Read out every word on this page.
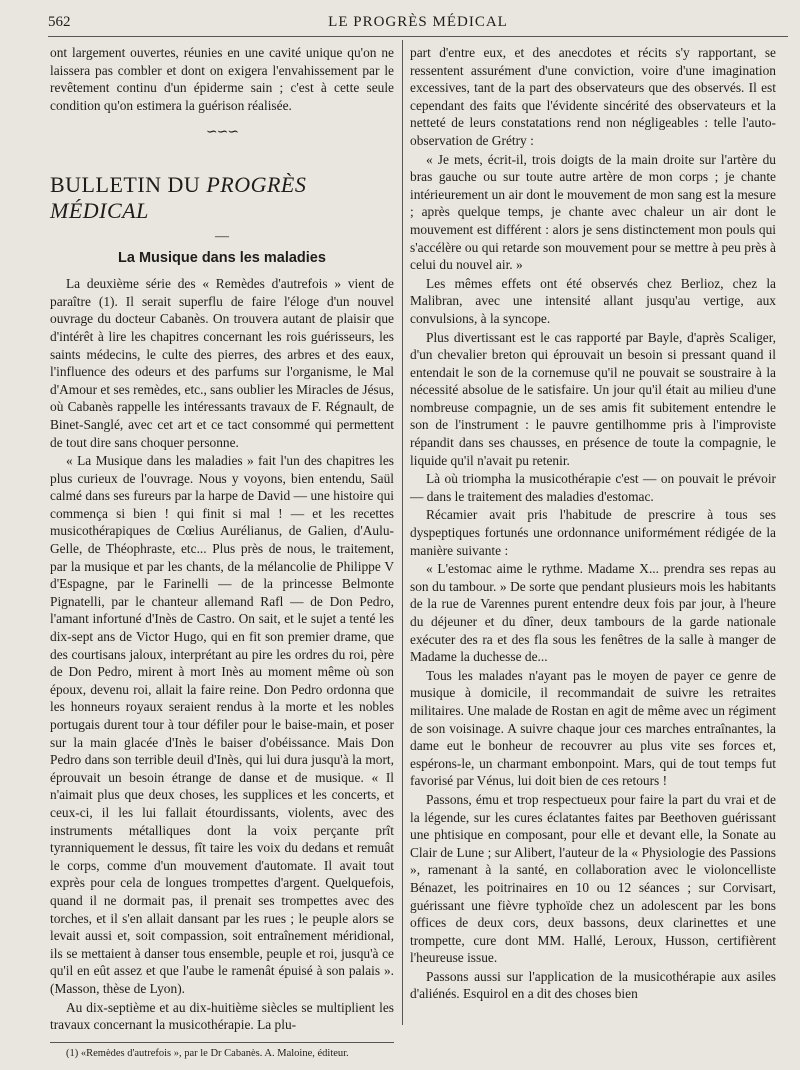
562	LE PROGRÈS MÉDICAL

ont largement ouvertes, réunies en une cavité unique qu'on ne laissera pas combler et dont on exigera l'envahissement par le revêtement continu d'un épiderme sain ; c'est à cette seule condition qu'on estimera la guérison réalisée.

∽∽∽
BULLETIN DU PROGRÈS MÉDICAL
—
La Musique dans les maladies

La deuxième série des « Remèdes d'autrefois » vient de paraître (1). Il serait superflu de faire l'éloge d'un nouvel ouvrage du docteur Cabanès. On trouvera autant de plaisir que d'intérêt à lire les chapitres concernant les rois guérisseurs, les saints médecins, le culte des pierres, des arbres et des eaux, l'influence des odeurs et des parfums sur l'organisme, le Mal d'Amour et ses remèdes, etc., sans oublier les Miracles de Jésus, où Cabanès rappelle les intéressants travaux de F. Régnault, de Binet-Sanglé, avec cet art et ce tact consommé qui permettent de tout dire sans choquer personne.

« La Musique dans les maladies » fait l'un des chapitres les plus curieux de l'ouvrage. Nous y voyons, bien entendu, Saül calmé dans ses fureurs par la harpe de David — une histoire qui commença si bien ! qui finit si mal ! — et les recettes musicothérapiques de Cœlius Aurélianus, de Galien, d'Aulu-Gelle, de Théophraste, etc... Plus près de nous, le traitement, par la musique et par les chants, de la mélancolie de Philippe V d'Espagne, par le Farinelli — de la princesse Belmonte Pignatelli, par le chanteur allemand Rafl — de Don Pedro, l'amant infortuné d'Inès de Castro. On sait, et le sujet a tenté les dix-sept ans de Victor Hugo, qui en fit son premier drame, que des courtisans jaloux, interprétant au pire les ordres du roi, père de Don Pedro, mirent à mort Inès au moment même où son époux, devenu roi, allait la faire reine. Don Pedro ordonna que les honneurs royaux seraient rendus à la morte et les nobles portugais durent tour à tour défiler pour le baise-main, et poser sur la main glacée d'Inès le baiser d'obéissance. Mais Don Pedro dans son terrible deuil d'Inès, qui lui dura jusqu'à la mort, éprouvait un besoin étrange de danse et de musique. « Il n'aimait plus que deux choses, les supplices et les concerts, et ceux-ci, il les lui fallait étourdissants, violents, avec des instruments métalliques dont la voix perçante prît tyranniquement le dessus, fît taire les voix du dedans et remuât le corps, comme d'un mouvement d'automate. Il avait tout exprès pour cela de longues trompettes d'argent. Quelquefois, quand il ne dormait pas, il prenait ses trompettes avec des torches, et il s'en allait dansant par les rues ; le peuple alors se levait aussi et, soit compassion, soit entraînement méridional, ils se mettaient à danser tous ensemble, peuple et roi, jusqu'à ce qu'il en eût assez et que l'aube le ramenât épuisé à son palais ». (Masson, thèse de Lyon).

Au dix-septième et au dix-huitième siècles se multiplient les travaux concernant la musicothérapie. La plu-

(1) «Remèdes d'autrefois », par le Dr Cabanès. A. Maloine, éditeur.

part d'entre eux, et des anecdotes et récits s'y rapportant, se ressentent assurément d'une conviction, voire d'une imagination excessives, tant de la part des observateurs que des observés. Il est cependant des faits que l'évidente sincérité des observateurs et la netteté de leurs constatations rend non négligeables : telle l'auto-observation de Grétry :

« Je mets, écrit-il, trois doigts de la main droite sur l'artère du bras gauche ou sur toute autre artère de mon corps ; je chante intérieurement un air dont le mouvement de mon sang est la mesure ; après quelque temps, je chante avec chaleur un air dont le mouvement est différent : alors je sens distinctement mon pouls qui s'accélère ou qui retarde son mouvement pour se mettre à peu près à celui du nouvel air. »

Les mêmes effets ont été observés chez Berlioz, chez la Malibran, avec une intensité allant jusqu'au vertige, aux convulsions, à la syncope.

Plus divertissant est le cas rapporté par Bayle, d'après Scaliger, d'un chevalier breton qui éprouvait un besoin si pressant quand il entendait le son de la cornemuse qu'il ne pouvait se soustraire à la nécessité absolue de le satisfaire. Un jour qu'il était au milieu d'une nombreuse compagnie, un de ses amis fit subitement entendre le son de l'instrument : le pauvre gentilhomme pris à l'improviste répandit dans ses chausses, en présence de toute la compagnie, le liquide qu'il n'avait pu retenir.

Là où triompha la musicothérapie c'est — on pouvait le prévoir — dans le traitement des maladies d'estomac.

Récamier avait pris l'habitude de prescrire à tous ses dyspeptiques fortunés une ordonnance uniformément rédigée de la manière suivante :

« L'estomac aime le rythme. Madame X... prendra ses repas au son du tambour. » De sorte que pendant plusieurs mois les habitants de la rue de Varennes purent entendre deux fois par jour, à l'heure du déjeuner et du dîner, deux tambours de la garde nationale exécuter des ra et des fla sous les fenêtres de la salle à manger de Madame la duchesse de...

Tous les malades n'ayant pas le moyen de payer ce genre de musique à domicile, il recommandait de suivre les retraites militaires. Une malade de Rostan en agit de même avec un régiment de son voisinage. A suivre chaque jour ces marches entraînantes, la dame eut le bonheur de recouvrer au plus vite ses forces et, espérons-le, un charmant embonpoint. Mars, qui de tout temps fut favorisé par Vénus, lui doit bien de ces retours !

Passons, ému et trop respectueux pour faire la part du vrai et de la légende, sur les cures éclatantes faites par Beethoven guérissant une phtisique en composant, pour elle et devant elle, la Sonate au Clair de Lune ; sur Alibert, l'auteur de la « Physiologie des Passions », ramenant à la santé, en collaboration avec le violoncelliste Bénazet, les poitrinaires en 10 ou 12 séances ; sur Corvisart, guérissant une fièvre typhoïde chez un adolescent par les bons offices de deux cors, deux bassons, deux clarinettes et une trompette, cure dont MM. Hallé, Leroux, Husson, certifièrent l'heureuse issue.

Passons aussi sur l'application de la musicothérapie aux asiles d'aliénés. Esquirol en a dit des choses bien
